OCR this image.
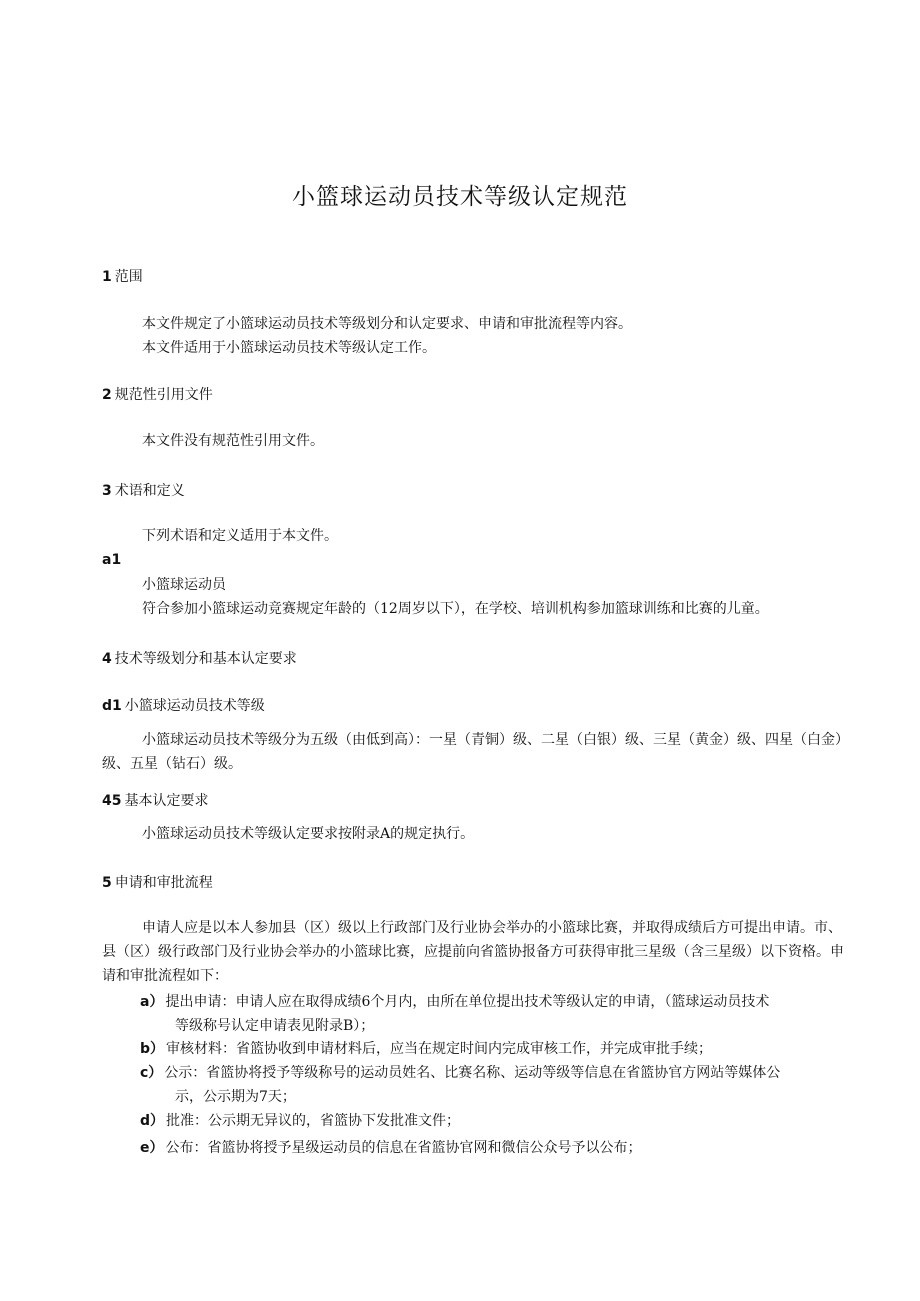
小篮球运动员技术等级认定规范
1 范围

本文件规定了小篮球运动员技术等级划分和认定要求、申请和审批流程等内容。

本文件适用于小篮球运动员技术等级认定工作。

2 规范性引用文件

本文件没有规范性引用文件。

3 术语和定义

下列术语和定义适用于本文件。

a1

小篮球运动员

符合参加小篮球运动竞赛规定年龄的（12周岁以下），在学校、培训机构参加篮球训练和比赛的儿童。

4 技术等级划分和基本认定要求
d1 小篮球运动员技术等级

小篮球运动员技术等级分为五级（由低到高）：一星（青铜）级、二星（白银）级、三星（黄金）级、四星（白金）级、五星（钻石）级。

45 基本认定要求

小篮球运动员技术等级认定要求按附录A的规定执行。

5 申请和审批流程

申请人应是以本人参加县（区）级以上行政部门及行业协会举办的小篮球比赛，并取得成绩后方可提出申请。市、县（区）级行政部门及行业协会举办的小篮球比赛，应提前向省篮协报备方可获得审批三星级（含三星级）以下资格。申请和审批流程如下：

a） 提出申请：申请人应在取得成绩6个月内，由所在单位提出技术等级认定的申请，（篮球运动员技术
等级称号认定申请表见附录B）；
b） 审核材料：省篮协收到申请材料后，应当在规定时间内完成审核工作，并完成审批手续；
c） 公示：省篮协将授予等级称号的运动员姓名、比赛名称、运动等级等信息在省篮协官方网站等媒体公
示，公示期为7天；
d） 批准：公示期无异议的，省篮协下发批准文件；
e） 公布：省篮协将授予星级运动员的信息在省篮协官网和微信公众号予以公布；
